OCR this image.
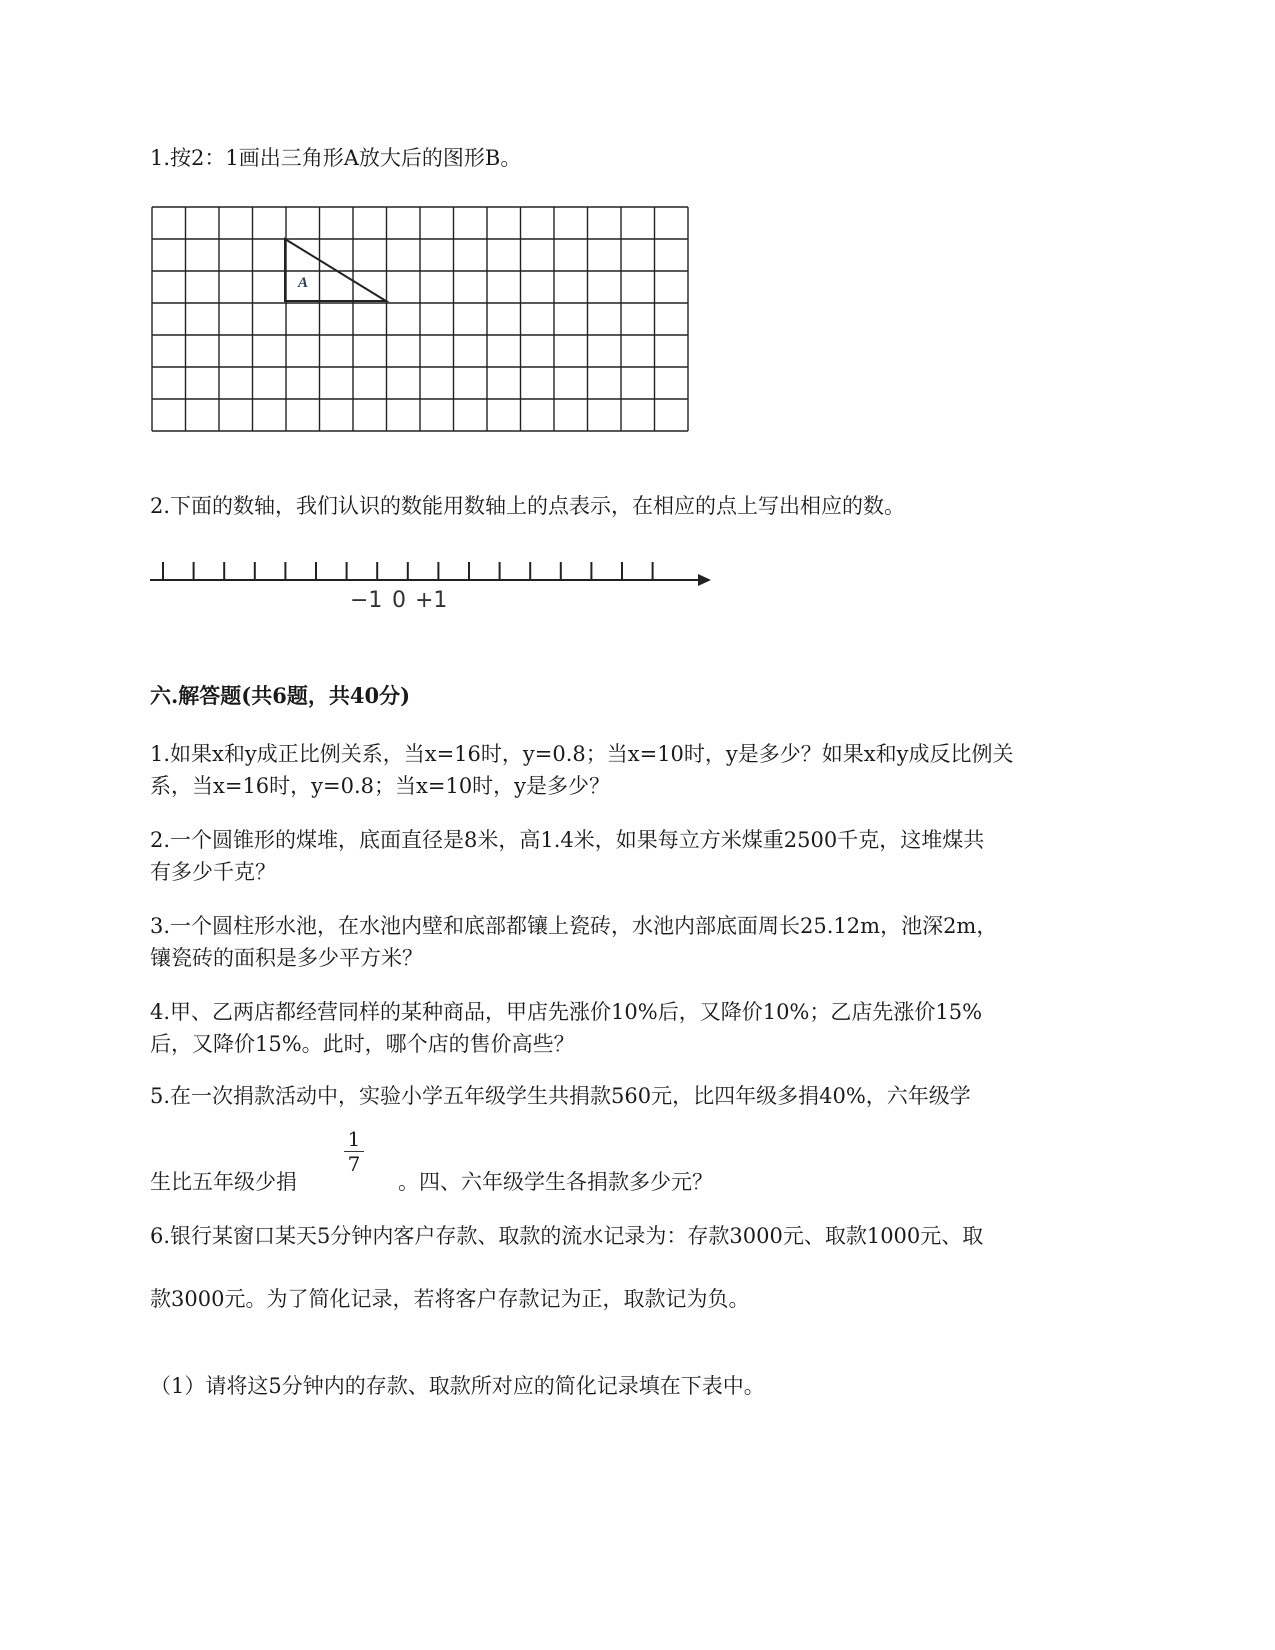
1.按2：1画出三角形A放大后的图形B。
A
2.下面的数轴，我们认识的数能用数轴上的点表示，在相应的点上写出相应的数。
−1 0 +1
六.解答题(共6题，共40分)
1.如果x和y成正比例关系，当x=16时，y=0.8；当x=10时，y是多少？如果x和y成反比例关
系，当x=16时，y=0.8；当x=10时，y是多少？
2.一个圆锥形的煤堆，底面直径是8米，高1.4米，如果每立方米煤重2500千克，这堆煤共
有多少千克？
3.一个圆柱形水池，在水池内壁和底部都镶上瓷砖，水池内部底面周长25.12m，池深2m，
镶瓷砖的面积是多少平方米？
4.甲、乙两店都经营同样的某种商品，甲店先涨价10%后，又降价10%；乙店先涨价15%
后，又降价15%。此时，哪个店的售价高些？
5.在一次捐款活动中，实验小学五年级学生共捐款560元，比四年级多捐40%，六年级学
生比五年级少捐
1
7
。四、六年级学生各捐款多少元？
6.银行某窗口某天5分钟内客户存款、取款的流水记录为：存款3000元、取款1000元、取
款3000元。为了简化记录，若将客户存款记为正，取款记为负。
（1）请将这5分钟内的存款、取款所对应的简化记录填在下表中。
